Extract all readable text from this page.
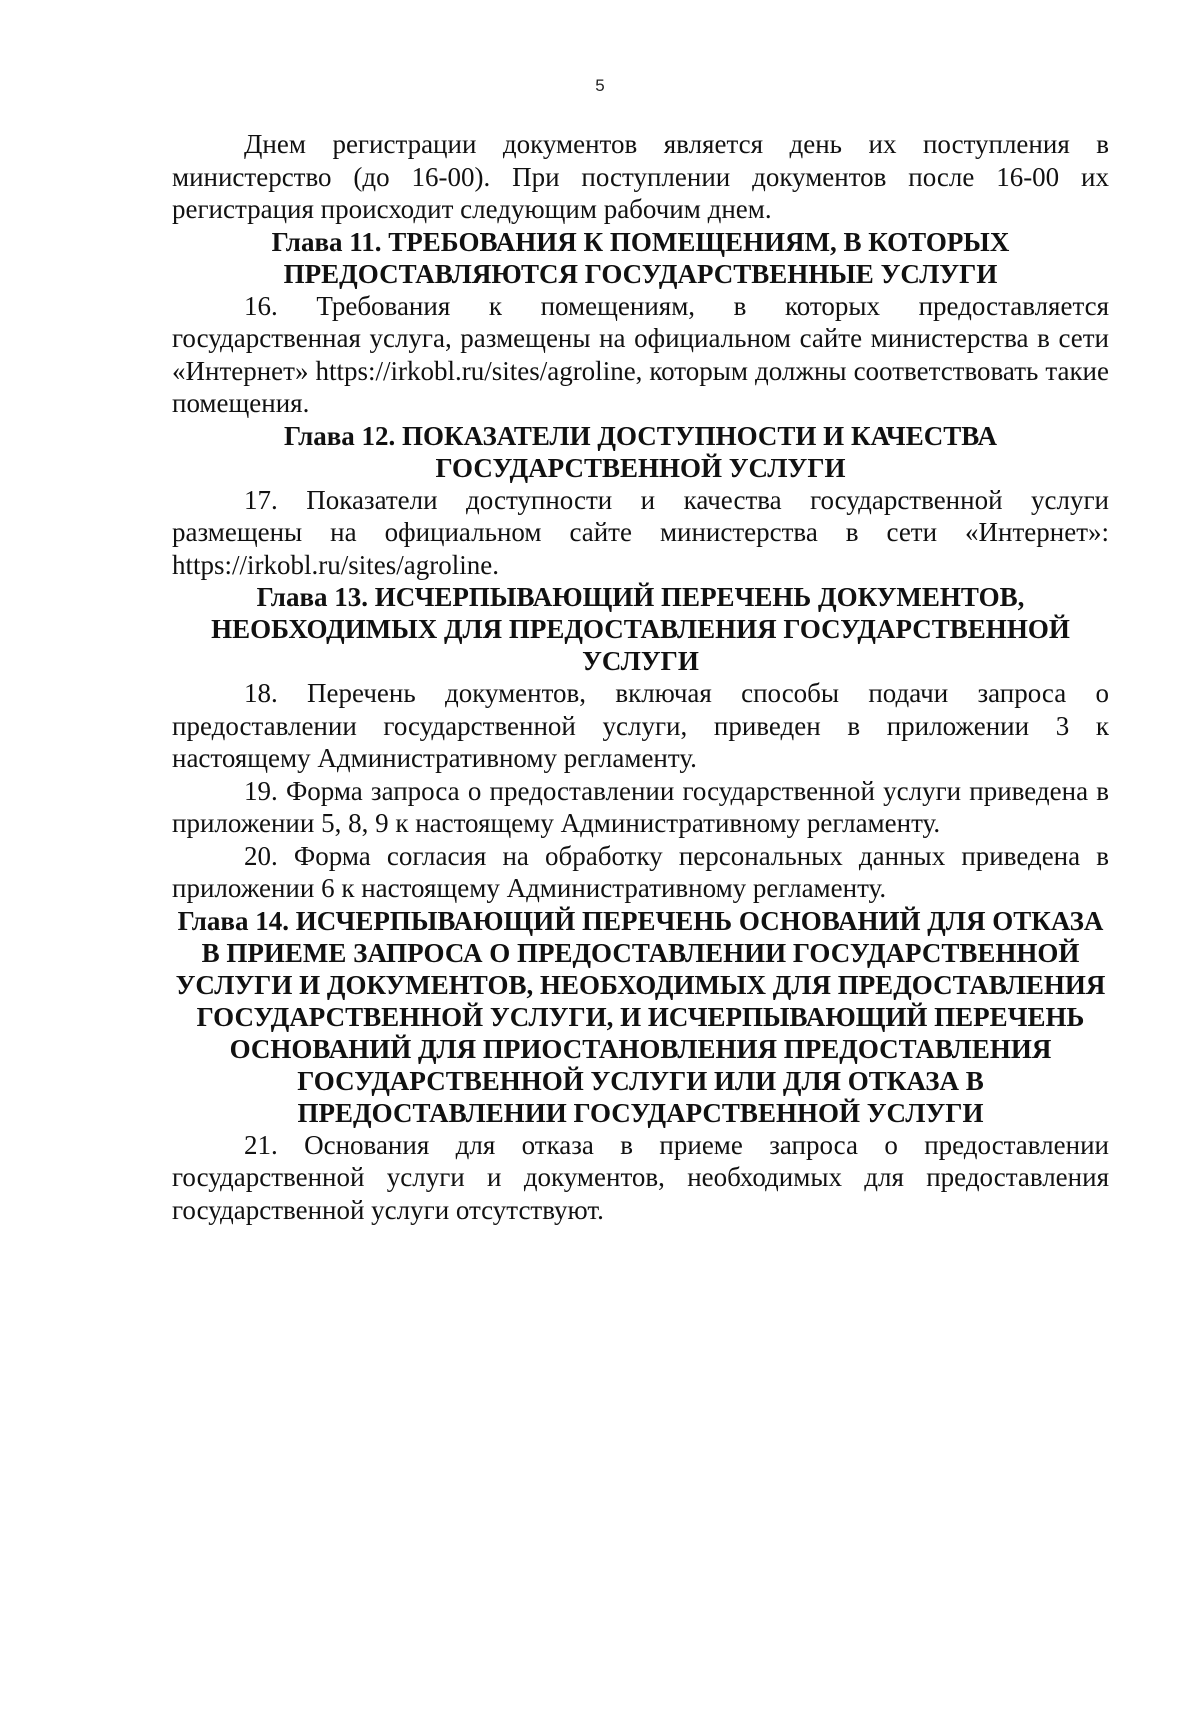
5

Днем регистрации документов является день их поступления в министерство (до 16-00). При поступлении документов после 16-00 их регистрация происходит следующим рабочим днем.

Глава 11. ТРЕБОВАНИЯ К ПОМЕЩЕНИЯМ, В КОТОРЫХ ПРЕДОСТАВЛЯЮТСЯ ГОСУДАРСТВЕННЫЕ УСЛУГИ

16. Требования к помещениям, в которых предоставляется государственная услуга, размещены на официальном сайте министерства в сети «Интернет» https://irkobl.ru/sites/agroline, которым должны соответствовать такие помещения.

Глава 12. ПОКАЗАТЕЛИ ДОСТУПНОСТИ И КАЧЕСТВА ГОСУДАРСТВЕННОЙ УСЛУГИ

17. Показатели доступности и качества государственной услуги размещены на официальном сайте министерства в сети «Интернет»: https://irkobl.ru/sites/agroline.

Глава 13. ИСЧЕРПЫВАЮЩИЙ ПЕРЕЧЕНЬ ДОКУМЕНТОВ, НЕОБХОДИМЫХ ДЛЯ ПРЕДОСТАВЛЕНИЯ ГОСУДАРСТВЕННОЙ УСЛУГИ

18. Перечень документов, включая способы подачи запроса о предоставлении государственной услуги, приведен в приложении 3 к настоящему Административному регламенту.

19. Форма запроса о предоставлении государственной услуги приведена в приложении 5, 8, 9 к настоящему Административному регламенту.

20. Форма согласия на обработку персональных данных приведена в приложении 6 к настоящему Административному регламенту.

Глава 14. ИСЧЕРПЫВАЮЩИЙ ПЕРЕЧЕНЬ ОСНОВАНИЙ ДЛЯ ОТКАЗА В ПРИЕМЕ ЗАПРОСА О ПРЕДОСТАВЛЕНИИ ГОСУДАРСТВЕННОЙ УСЛУГИ И ДОКУМЕНТОВ, НЕОБХОДИМЫХ ДЛЯ ПРЕДОСТАВЛЕНИЯ ГОСУДАРСТВЕННОЙ УСЛУГИ, И ИСЧЕРПЫВАЮЩИЙ ПЕРЕЧЕНЬ ОСНОВАНИЙ ДЛЯ ПРИОСТАНОВЛЕНИЯ ПРЕДОСТАВЛЕНИЯ ГОСУДАРСТВЕННОЙ УСЛУГИ ИЛИ ДЛЯ ОТКАЗА В ПРЕДОСТАВЛЕНИИ ГОСУДАРСТВЕННОЙ УСЛУГИ

21. Основания для отказа в приеме запроса о предоставлении государственной услуги и документов, необходимых для предоставления государственной услуги отсутствуют.
